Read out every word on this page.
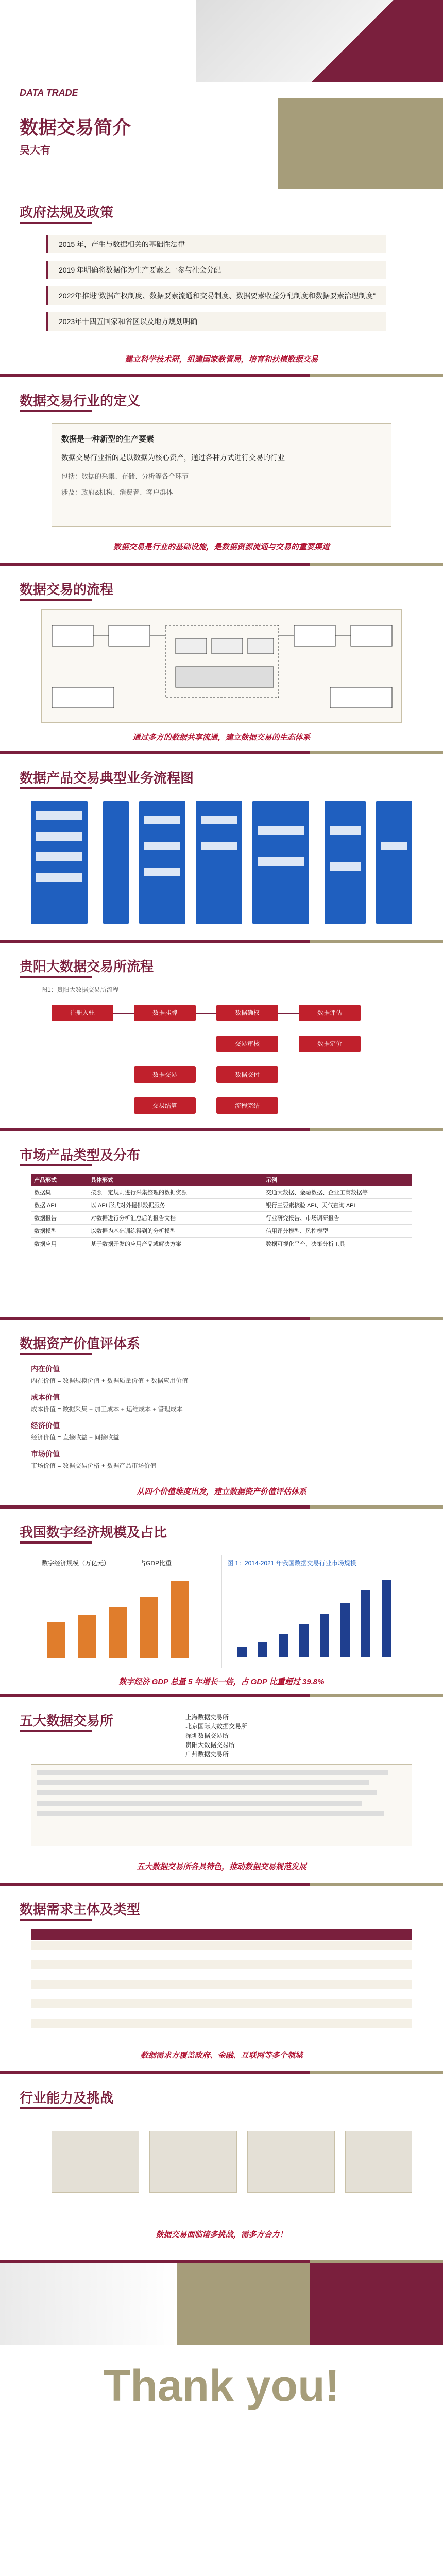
DATA TRADE
数据交易简介
吴大有
政府法规及政策
2015 年，产生与数据相关的基础性法律
2019 年明确将数据作为生产要素之一参与社会分配
2022年推进"数据产权制度、数据要素流通和交易制度、数据要素收益分配制度和数据要素治理制度"
2023年十四五国家和省区以及地方规划明确
建立科学技术研，组建国家数管局，培育和扶植数据交易
数据交易行业的定义

数据是一种新型的生产要素

数据交易行业指的是以数据为核心资产，通过各种方式进行交易的行业

包括：数据的采集、存储、分析等各个环节

涉及：政府&机构、消费者、客户群体

数据交易是行业的基础设施，是数据资源流通与交易的重要渠道
数据交易的流程
通过多方的数据共享流通，建立数据交易的生态体系
数据产品交易典型业务流程图
贵阳大数据交易所流程
图1：贵阳大数据交易所流程
注册入驻	数据挂牌	数据确权	数据评估
数据定价
交易审核
数据交易	数据交付
交易结算	流程完结
市场产品类型及分布
产品形式	具体形式	示例
数据集	按照一定规则进行采集整理的数据资源	交通大数据、金融数据、企业工商数据等
数据 API	以 API 形式对外提供数据服务	银行三要素核验 API、天气查询 API
数据报告	对数据进行分析汇总后的报告文档	行业研究报告、市场调研报告
数据模型	以数据为基础训练得到的分析模型	信用评分模型、风控模型
数据应用	基于数据开发的应用产品或解决方案	数据可视化平台、决策分析工具
数据资产价值评体系
内在价值
内在价值 = 数据规模价值 + 数据质量价值 + 数据应用价值
成本价值
成本价值 = 数据采集 + 加工成本 + 运维成本 + 管理成本
经济价值
经济价值 = 直接收益 + 间接收益
市场价值
市场价值 = 数据交易价格 + 数据产品市场价值
从四个价值维度出发，建立数据资产价值评估体系
我国数字经济规模及占比
数字经济规模（万亿元）	占GDP比重	图 1：2014-2021 年我国数据交易行业市场规模
数字经济 GDP 总量 5 年增长一倍，占 GDP 比重超过 39.8%
五大数据交易所	上海数据交易所
北京国际大数据交易所
深圳数据交易所
贵阳大数据交易所
广州数据交易所
五大数据交易所各具特色，推动数据交易规范发展
数据需求主体及类型
数据需求方覆盖政府、金融、互联网等多个领域
行业能力及挑战
数据交易面临诸多挑战，需多方合力！
Thank you!
